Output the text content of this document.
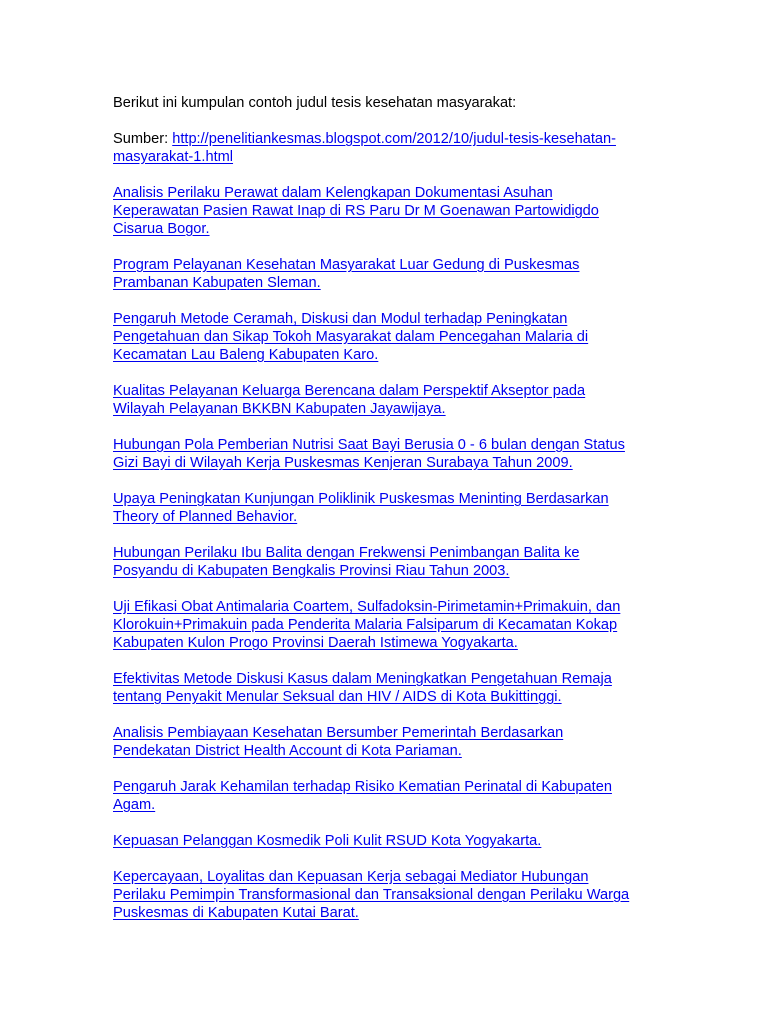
Berikut ini kumpulan contoh judul tesis kesehatan masyarakat:

Sumber: http://penelitiankesmas.blogspot.com/2012/10/judul-tesis-kesehatan-
masyarakat-1.html

Analisis Perilaku Perawat dalam Kelengkapan Dokumentasi Asuhan
Keperawatan Pasien Rawat Inap di RS Paru Dr M Goenawan Partowidigdo
Cisarua Bogor.
Program Pelayanan Kesehatan Masyarakat Luar Gedung di Puskesmas
Prambanan Kabupaten Sleman.
Pengaruh Metode Ceramah, Diskusi dan Modul terhadap Peningkatan
Pengetahuan dan Sikap Tokoh Masyarakat dalam Pencegahan Malaria di
Kecamatan Lau Baleng Kabupaten Karo.
Kualitas Pelayanan Keluarga Berencana dalam Perspektif Akseptor pada
Wilayah Pelayanan BKKBN Kabupaten Jayawijaya.
Hubungan Pola Pemberian Nutrisi Saat Bayi Berusia 0 - 6 bulan dengan Status
Gizi Bayi di Wilayah Kerja Puskesmas Kenjeran Surabaya Tahun 2009.
Upaya Peningkatan Kunjungan Poliklinik Puskesmas Meninting Berdasarkan
Theory of Planned Behavior.
Hubungan Perilaku Ibu Balita dengan Frekwensi Penimbangan Balita ke
Posyandu di Kabupaten Bengkalis Provinsi Riau Tahun 2003.
Uji Efikasi Obat Antimalaria Coartem, Sulfadoksin-Pirimetamin+Primakuin, dan
Klorokuin+Primakuin pada Penderita Malaria Falsiparum di Kecamatan Kokap
Kabupaten Kulon Progo Provinsi Daerah Istimewa Yogyakarta.
Efektivitas Metode Diskusi Kasus dalam Meningkatkan Pengetahuan Remaja
tentang Penyakit Menular Seksual dan HIV / AIDS di Kota Bukittinggi.
Analisis Pembiayaan Kesehatan Bersumber Pemerintah Berdasarkan
Pendekatan District Health Account di Kota Pariaman.
Pengaruh Jarak Kehamilan terhadap Risiko Kematian Perinatal di Kabupaten
Agam.
Kepuasan Pelanggan Kosmedik Poli Kulit RSUD Kota Yogyakarta.
Kepercayaan, Loyalitas dan Kepuasan Kerja sebagai Mediator Hubungan
Perilaku Pemimpin Transformasional dan Transaksional dengan Perilaku Warga
Puskesmas di Kabupaten Kutai Barat.
